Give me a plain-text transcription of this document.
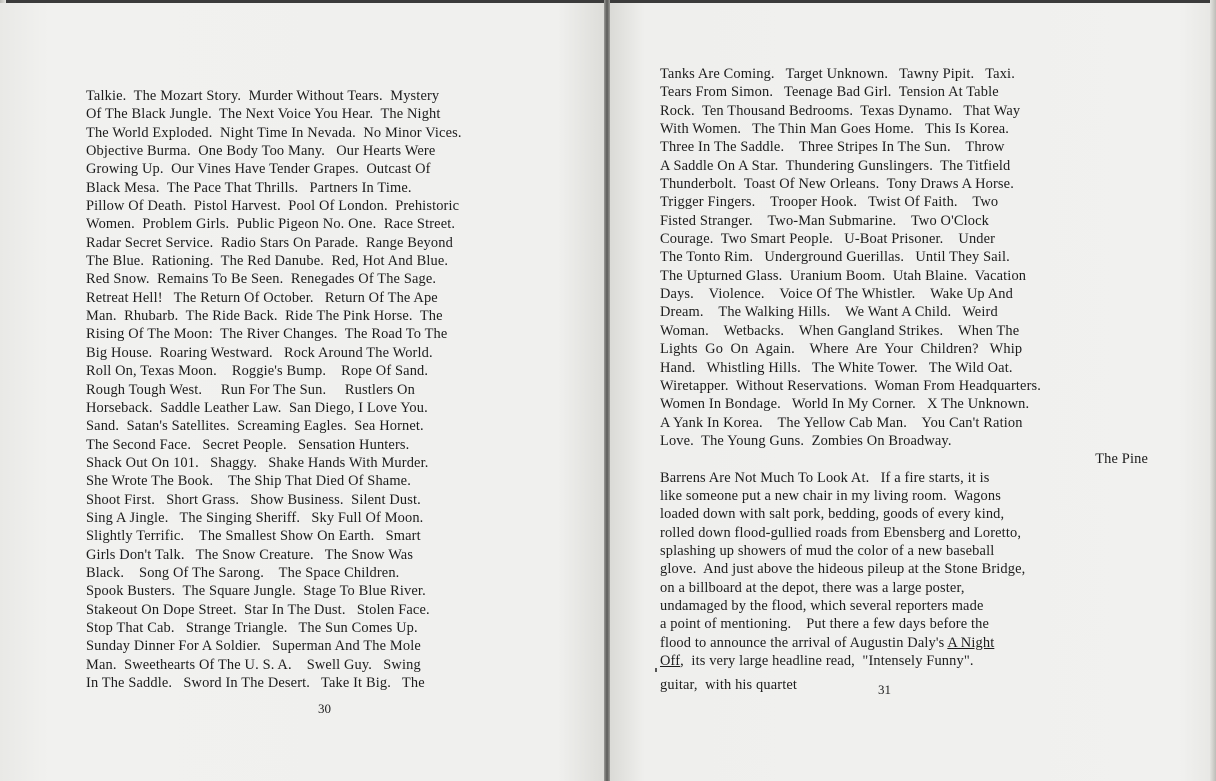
Talkie.  The Mozart Story.  Murder Without Tears.  Mystery
Of The Black Jungle.  The Next Voice You Hear.  The Night
The World Exploded.  Night Time In Nevada.  No Minor Vices.
Objective Burma.  One Body Too Many.   Our Hearts Were
Growing Up.  Our Vines Have Tender Grapes.  Outcast Of
Black Mesa.  The Pace That Thrills.   Partners In Time.
Pillow Of Death.  Pistol Harvest.  Pool Of London.  Prehistoric
Women.  Problem Girls.  Public Pigeon No. One.  Race Street.
Radar Secret Service.  Radio Stars On Parade.  Range Beyond
The Blue.  Rationing.  The Red Danube.  Red, Hot And Blue.
Red Snow.  Remains To Be Seen.  Renegades Of The Sage.
Retreat Hell!   The Return Of October.   Return Of The Ape
Man.  Rhubarb.  The Ride Back.  Ride The Pink Horse.  The
Rising Of The Moon:  The River Changes.  The Road To The
Big House.  Roaring Westward.   Rock Around The World.
Roll On, Texas Moon.    Roggie's Bump.    Rope Of Sand.
Rough Tough West.     Run For The Sun.     Rustlers On
Horseback.  Saddle Leather Law.  San Diego, I Love You.
Sand.  Satan's Satellites.  Screaming Eagles.  Sea Hornet.
The Second Face.   Secret People.   Sensation Hunters.
Shack Out On 101.   Shaggy.   Shake Hands With Murder.
She Wrote The Book.    The Ship That Died Of Shame.
Shoot First.   Short Grass.   Show Business.  Silent Dust.
Sing A Jingle.   The Singing Sheriff.   Sky Full Of Moon.
Slightly Terrific.    The Smallest Show On Earth.   Smart
Girls Don't Talk.   The Snow Creature.   The Snow Was
Black.    Song Of The Sarong.    The Space Children.
Spook Busters.  The Square Jungle.  Stage To Blue River.
Stakeout On Dope Street.  Star In The Dust.   Stolen Face.
Stop That Cab.   Strange Triangle.   The Sun Comes Up.
Sunday Dinner For A Soldier.   Superman And The Mole
Man.  Sweethearts Of The U. S. A.    Swell Guy.   Swing
In The Saddle.   Sword In The Desert.   Take It Big.   The
30
Tanks Are Coming.   Target Unknown.   Tawny Pipit.   Taxi.
Tears From Simon.   Teenage Bad Girl.  Tension At Table
Rock.  Ten Thousand Bedrooms.  Texas Dynamo.   That Way
With Women.   The Thin Man Goes Home.   This Is Korea.
Three In The Saddle.    Three Stripes In The Sun.    Throw
A Saddle On A Star.  Thundering Gunslingers.  The Titfield
Thunderbolt.  Toast Of New Orleans.  Tony Draws A Horse.
Trigger Fingers.    Trooper Hook.   Twist Of Faith.    Two
Fisted Stranger.    Two-Man Submarine.    Two O'Clock
Courage.  Two Smart People.   U-Boat Prisoner.    Under
The Tonto Rim.   Underground Guerillas.   Until They Sail.
The Upturned Glass.  Uranium Boom.  Utah Blaine.  Vacation
Days.    Violence.    Voice Of The Whistler.    Wake Up And
Dream.    The Walking Hills.    We Want A Child.   Weird
Woman.    Wetbacks.    When Gangland Strikes.    When The
Lights  Go  On  Again.    Where  Are  Your  Children?   Whip
Hand.   Whistling Hills.   The White Tower.   The Wild Oat.
Wiretapper.  Without Reservations.  Woman From Headquarters.
Women In Bondage.   World In My Corner.   X The Unknown.
A Yank In Korea.    The Yellow Cab Man.    You Can't Ration
Love.  The Young Guns.  Zombies On Broadway.
The Pine
Barrens Are Not Much To Look At.   If a fire starts, it is
like someone put a new chair in my living room.  Wagons
loaded down with salt pork, bedding, goods of every kind,
rolled down flood-gullied roads from Ebensberg and Loretto,
splashing up showers of mud the color of a new baseball
glove.  And just above the hideous pileup at the Stone Bridge,
on a billboard at the depot, there was a large poster,
undamaged by the flood, which several reporters made
a point of mentioning.    Put there a few days before the
flood to announce the arrival of Augustin Daly's A Night
Off,  its very large headline read,  "Intensely Funny".
guitar,  with his quartet	31
